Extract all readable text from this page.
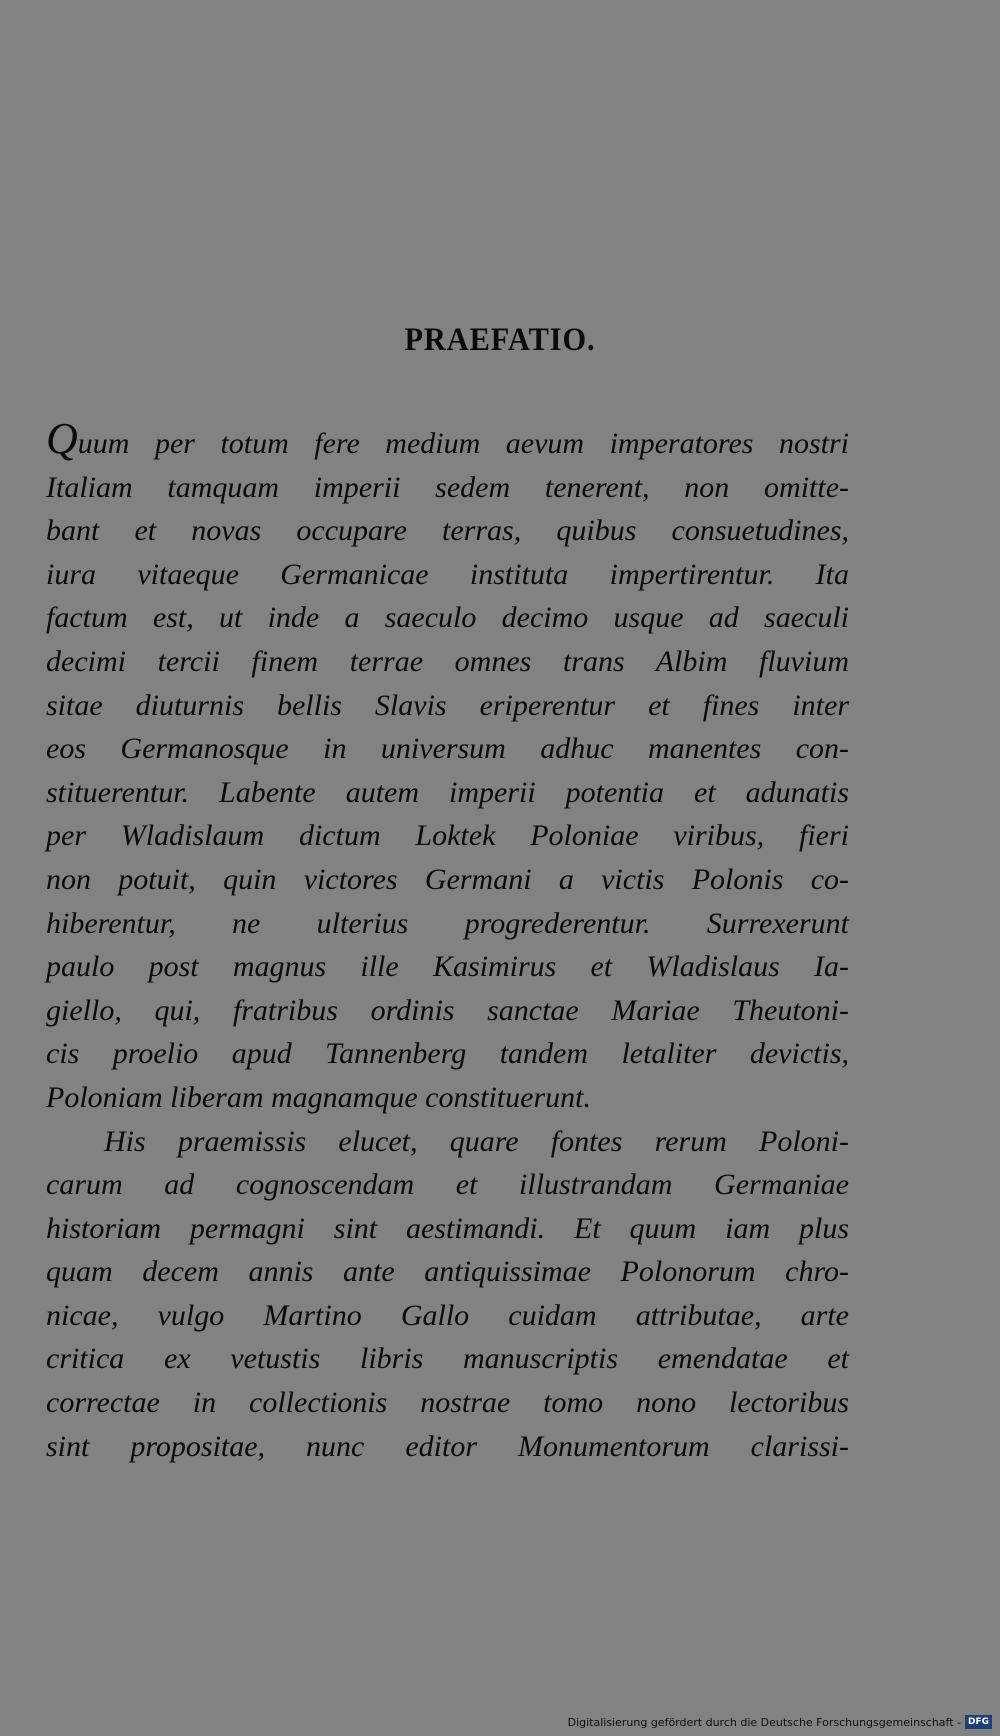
PRAEFATIO.
Quum per totum fere medium aevum imperatores nostri
Italiam tamquam imperii sedem tenerent, non omitte-
bant et novas occupare terras, quibus consuetudines,
iura vitaeque Germanicae instituta impertirentur. Ita
factum est, ut inde a saeculo decimo usque ad saeculi
decimi tercii finem terrae omnes trans Albim fluvium
sitae diuturnis bellis Slavis eriperentur et fines inter
eos Germanosque in universum adhuc manentes con-
stituerentur. Labente autem imperii potentia et adunatis
per Wladislaum dictum Loktek Poloniae viribus, fieri
non potuit, quin victores Germani a victis Polonis co-
hiberentur, ne ulterius progrederentur. Surrexerunt
paulo post magnus ille Kasimirus et Wladislaus Ia-
giello, qui, fratribus ordinis sanctae Mariae Theutoni-
cis proelio apud Tannenberg tandem letaliter devictis,
Poloniam liberam magnamque constituerunt.
His praemissis elucet, quare fontes rerum Poloni-
carum ad cognoscendam et illustrandam Germaniae
historiam permagni sint aestimandi. Et quum iam plus
quam decem annis ante antiquissimae Polonorum chro-
nicae, vulgo Martino Gallo cuidam attributae, arte
critica ex vetustis libris manuscriptis emendatae et
correctae in collectionis nostrae tomo nono lectoribus
sint propositae, nunc editor Monumentorum clarissi-
Digitalisierung gefördert durch die Deutsche Forschungsgemeinschaft - DFG
